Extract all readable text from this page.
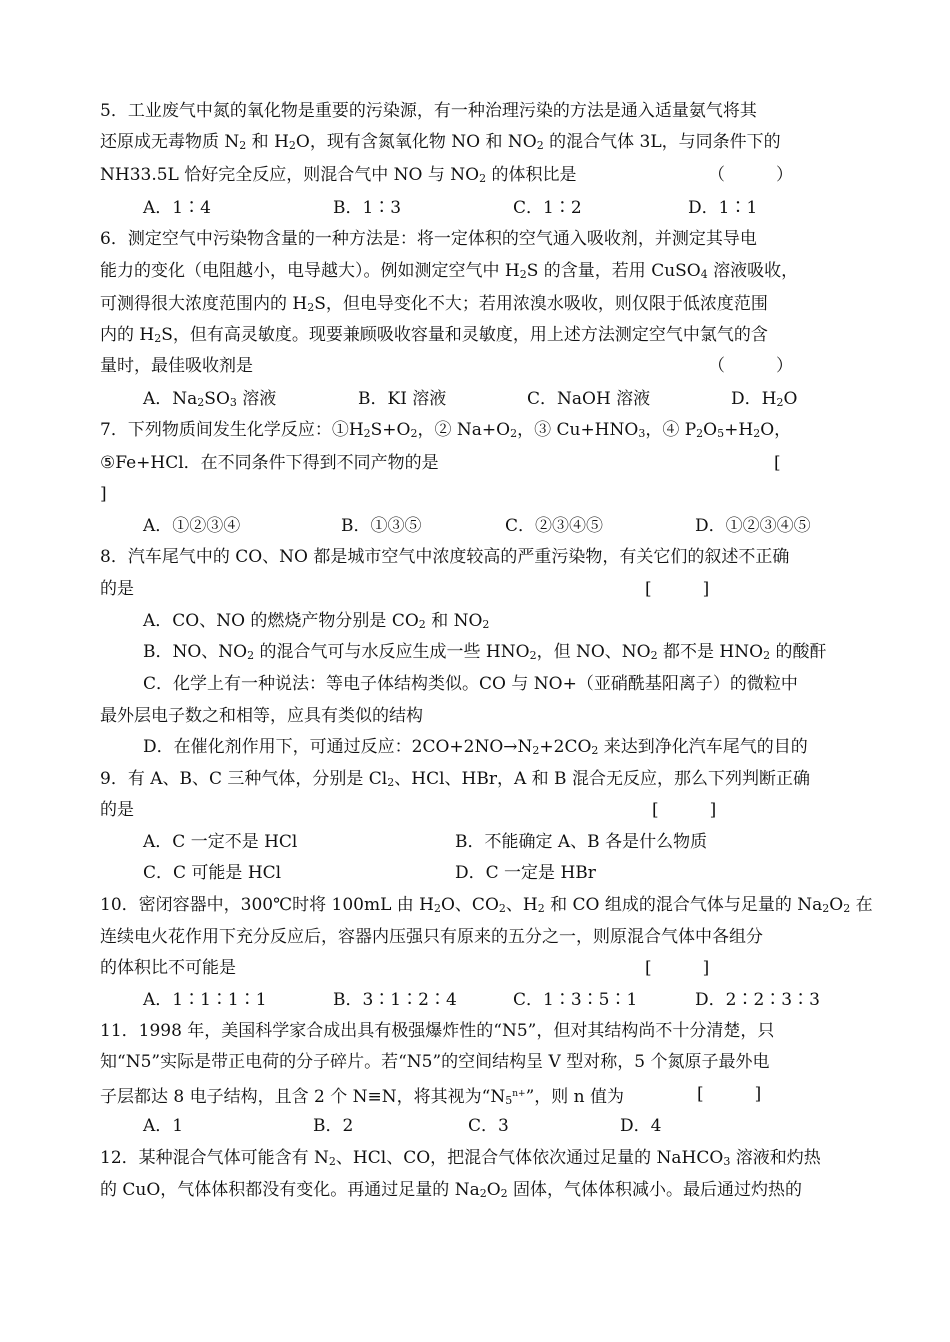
5．工业废气中氮的氧化物是重要的污染源，有一种治理污染的方法是通入适量氨气将其
还原成无毒物质 $N_2$ 和 $H_2O$，现有含氮氧化物 NO 和 $NO_2$ 的混合气体 3L，与同条件下的
NH33.5L 恰好完全反应，则混合气中 NO 与 $NO_2$ 的体积比是	（　　　）
A．1∶4	B．1∶3	C．1∶2	D．1∶1
6．测定空气中污染物含量的一种方法是：将一定体积的空气通入吸收剂，并测定其导电
能力的变化（电阻越小，电导越大）。例如测定空气中 $H_2S$ 的含量，若用 CuSO$_4$ 溶液吸收，
可测得很大浓度范围内的 $H_2S$，但电导变化不大；若用浓溴水吸收，则仅限于低浓度范围
内的 $H_2S$，但有高灵敏度。现要兼顾吸收容量和灵敏度，用上述方法测定空气中氯气的含
量时，最佳吸收剂是	（　　　）
A．$Na_2SO_3$ 溶液	B．KI 溶液	C．NaOH 溶液	D．$H_2O$
7．下列物质间发生化学反应：$①H_2S+O_2$，② $Na+O_2$，③ $Cu+HNO_3$，④ $P_2O_5+H_2O$，
⑤Fe+HCl．在不同条件下得到不同产物的是	[
]
A．①②③④	B．①③⑤	C．②③④⑤	D．①②③④⑤
8．汽车尾气中的 CO、NO 都是城市空气中浓度较高的严重污染物，有关它们的叙述不正确
的是	[　　　]
A．CO、NO 的燃烧产物分别是 $CO_2$ 和 $NO_2$
B．NO、$NO_2$ 的混合气可与水反应生成一些 $HNO_2$，但 NO、$NO_2$ 都不是 $HNO_2$ 的酸酐
C．化学上有一种说法：等电子体结构类似。CO 与 NO+（亚硝酰基阳离子）的微粒中
最外层电子数之和相等，应具有类似的结构
D．在催化剂作用下，可通过反应：$2CO+2NO\to N_2+2CO_2$ 来达到净化汽车尾气的目的
9．有 A、B、C 三种气体，分别是 $Cl_2$、HCl、HBr，A 和 B 混合无反应，那么下列判断正确
的是	[　　　]
A．C 一定不是 HCl	B．不能确定 A、B 各是什么物质
C．C 可能是 HCl	D．C 一定是 HBr
10．密闭容器中，300℃时将 100mL 由 $H_2O$、$CO_2$、$H_2$ 和 CO 组成的混合气体与足量的 $Na_2O_2$ 在
连续电火花作用下充分反应后，容器内压强只有原来的五分之一，则原混合气体中各组分
的体积比不可能是	[　　　]
A．1∶1∶1∶1	B．3∶1∶2∶4	C．1∶3∶5∶1	D．2∶2∶3∶3
11．1998 年，美国科学家合成出具有极强爆炸性的“N5”，但对其结构尚不十分清楚，只
知“N5”实际是带正电荷的分子碎片。若“N5”的空间结构呈 V 型对称，5 个氮原子最外电
子层都达 8 电子结构，且含 2 个 N≡N，将其视为“$N_5^{n+}$”，则 n 值为	[　　　]
A．1	B．2	C．3	D．4
12．某种混合气体可能含有 $N_2$、HCl、CO，把混合气体依次通过足量的 NaHCO$_3$ 溶液和灼热
的 CuO，气体体积都没有变化。再通过足量的 $Na_2O_2$ 固体，气体体积减小。最后通过灼热的
